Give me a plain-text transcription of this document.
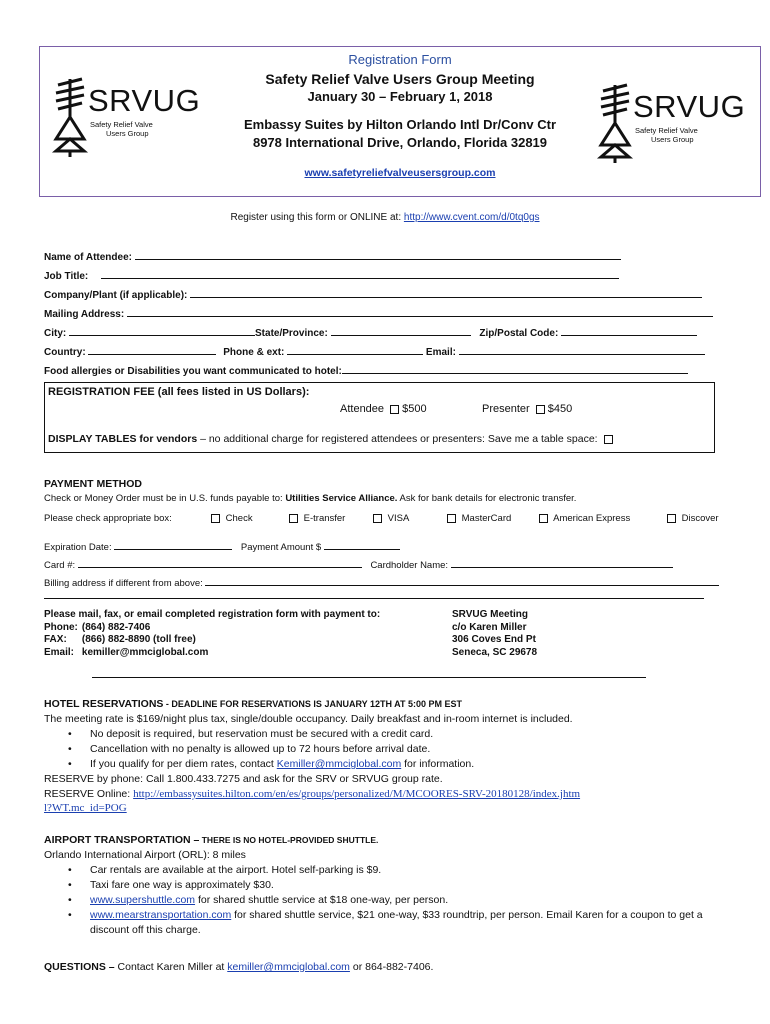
Registration Form
Safety Relief Valve Users Group Meeting
January 30 – February 1, 2018
Embassy Suites by Hilton Orlando Intl Dr/Conv Ctr
8978 International Drive, Orlando, Florida 32819
www.safetyreliefvalveusersgroup.com
SRVUG
Safety Relief Valve
Users Group
SRVUG
Safety Relief Valve
Users Group
Register using this form or ONLINE at: http://www.cvent.com/d/0tq0gs
Name of Attendee:
Job Title:
Company/Plant (if applicable):
Mailing Address:
City:	State/Province:	Zip/Postal Code:
Country:	Phone & ext:	Email:
Food allergies or Disabilities you want communicated to hotel:
REGISTRATION FEE (all fees listed in US Dollars):
Attendee $500	Presenter $450
DISPLAY TABLES for vendors – no additional charge for registered attendees or presenters: Save me a table space:
PAYMENT METHOD
Check or Money Order must be in U.S. funds payable to: Utilities Service Alliance. Ask for bank details for electronic transfer.
Please check appropriate box:	Check	E-transfer	VISA	MasterCard	American Express	Discover
Expiration Date:	Payment Amount $
Card #:	Cardholder Name:
Billing address if different from above:
Please mail, fax, or email completed registration form with payment to:
Phone:	(864) 882-7406
FAX:	(866) 882-8890 (toll free)
Email:	kemiller@mmciglobal.com
SRVUG Meeting
c/o Karen Miller
306 Coves End Pt
Seneca, SC 29678
HOTEL RESERVATIONS - DEADLINE FOR RESERVATIONS IS JANUARY 12TH AT 5:00 PM EST
The meeting rate is $169/night plus tax, single/double occupancy. Daily breakfast and in-room internet is included.
• No deposit is required, but reservation must be secured with a credit card.
• Cancellation with no penalty is allowed up to 72 hours before arrival date.
• If you qualify for per diem rates, contact Kemiller@mmciglobal.com for information.
RESERVE by phone: Call 1.800.433.7275 and ask for the SRV or SRVUG group rate.
RESERVE Online: http://embassysuites.hilton.com/en/es/groups/personalized/M/MCOORES-SRV-20180128/index.jhtml?WT.mc_id=POG
AIRPORT TRANSPORTATION – THERE IS NO HOTEL-PROVIDED SHUTTLE.
Orlando International Airport (ORL): 8 miles
• Car rentals are available at the airport. Hotel self-parking is $9.
• Taxi fare one way is approximately $30.
• www.supershuttle.com for shared shuttle service at $18 one-way, per person.
• www.mearstransportation.com for shared shuttle service, $21 one-way, $33 roundtrip, per person. Email Karen for a coupon to get a discount off this charge.
QUESTIONS – Contact Karen Miller at kemiller@mmciglobal.com or 864-882-7406.
